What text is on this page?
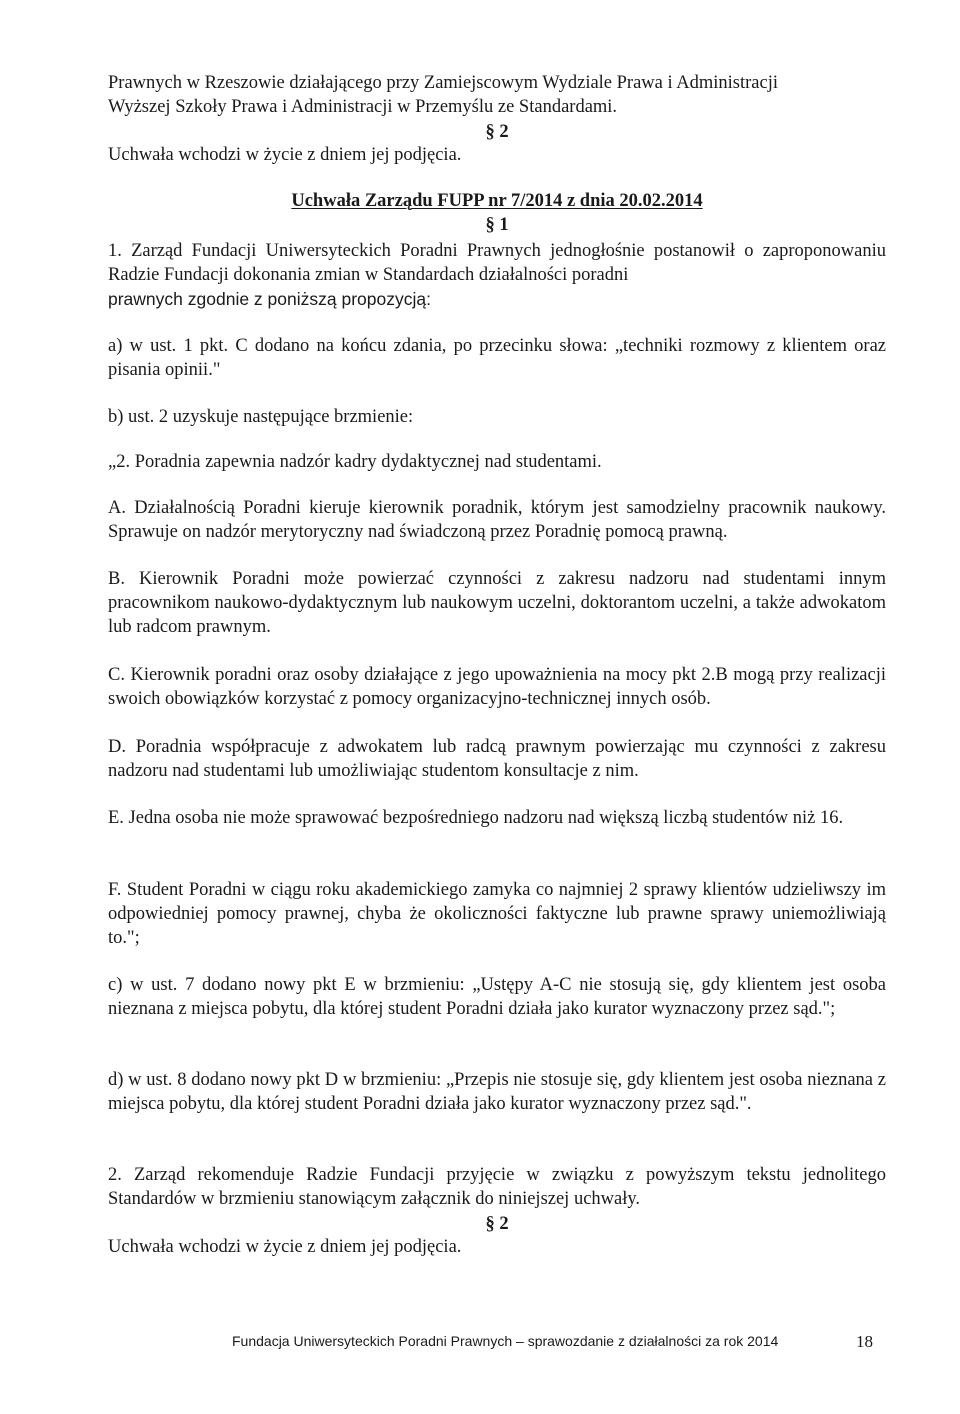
Prawnych w Rzeszowie działającego przy Zamiejscowym Wydziale Prawa i Administracji

Wyższej Szkoły Prawa i Administracji w Przemyślu ze Standardami.

§ 2

Uchwała wchodzi w życie z dniem jej podjęcia.

Uchwała Zarządu FUPP nr 7/2014 z dnia 20.02.2014

§ 1

1. Zarząd Fundacji Uniwersyteckich Poradni Prawnych jednogłośnie postanowił o zaproponowaniu Radzie Fundacji dokonania zmian w Standardach działalności poradni

prawnych zgodnie z poniższą propozycją:

a) w ust. 1 pkt. C dodano na końcu zdania, po przecinku słowa: „techniki rozmowy z klientem oraz pisania opinii."

b) ust. 2 uzyskuje następujące brzmienie:

„2. Poradnia zapewnia nadzór kadry dydaktycznej nad studentami.

A. Działalnością Poradni kieruje kierownik poradnik, którym jest samodzielny pracownik naukowy. Sprawuje on nadzór merytoryczny nad świadczoną przez Poradnię pomocą prawną.

B. Kierownik Poradni może powierzać czynności z zakresu nadzoru nad studentami innym pracownikom naukowo-dydaktycznym lub naukowym uczelni, doktorantom uczelni, a także adwokatom lub radcom prawnym.

C. Kierownik poradni oraz osoby działające z jego upoważnienia na mocy pkt 2.B mogą przy realizacji swoich obowiązków korzystać z pomocy organizacyjno-technicznej innych osób.

D. Poradnia współpracuje z adwokatem lub radcą prawnym powierzając mu czynności z zakresu nadzoru nad studentami lub umożliwiając studentom konsultacje z nim.

E. Jedna osoba nie może sprawować bezpośredniego nadzoru nad większą liczbą studentów niż 16.

F. Student Poradni w ciągu roku akademickiego zamyka co najmniej 2 sprawy klientów udzieliwszy im odpowiedniej pomocy prawnej, chyba że okoliczności faktyczne lub prawne sprawy uniemożliwiają to.";

c) w ust. 7 dodano nowy pkt E w brzmieniu: „Ustępy A-C nie stosują się, gdy klientem jest osoba nieznana z miejsca pobytu, dla której student Poradni działa jako kurator wyznaczony przez sąd.";

d) w ust. 8 dodano nowy pkt D w brzmieniu: „Przepis nie stosuje się, gdy klientem jest osoba nieznana z miejsca pobytu, dla której student Poradni działa jako kurator wyznaczony przez sąd.".

2. Zarząd rekomenduje Radzie Fundacji przyjęcie w związku z powyższym tekstu jednolitego Standardów w brzmieniu stanowiącym załącznik do niniejszej uchwały.

§ 2

Uchwała wchodzi w życie z dniem jej podjęcia.

Fundacja Uniwersyteckich Poradni Prawnych – sprawozdanie z działalności za rok 2014	18
